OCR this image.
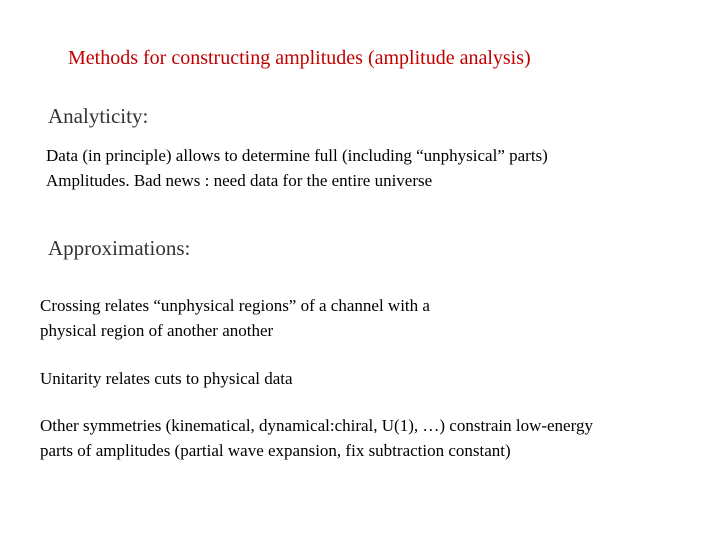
Methods for constructing amplitudes (amplitude analysis)
Analyticity:
Data (in principle) allows to determine full (including “unphysical” parts)
Amplitudes. Bad news : need data for the entire universe
Approximations:
Crossing relates “unphysical regions” of a channel with a
physical region of another another
Unitarity relates cuts to physical data
Other symmetries (kinematical, dynamical:chiral, U(1), …) constrain low-energy
parts of amplitudes (partial wave expansion, fix subtraction constant)
